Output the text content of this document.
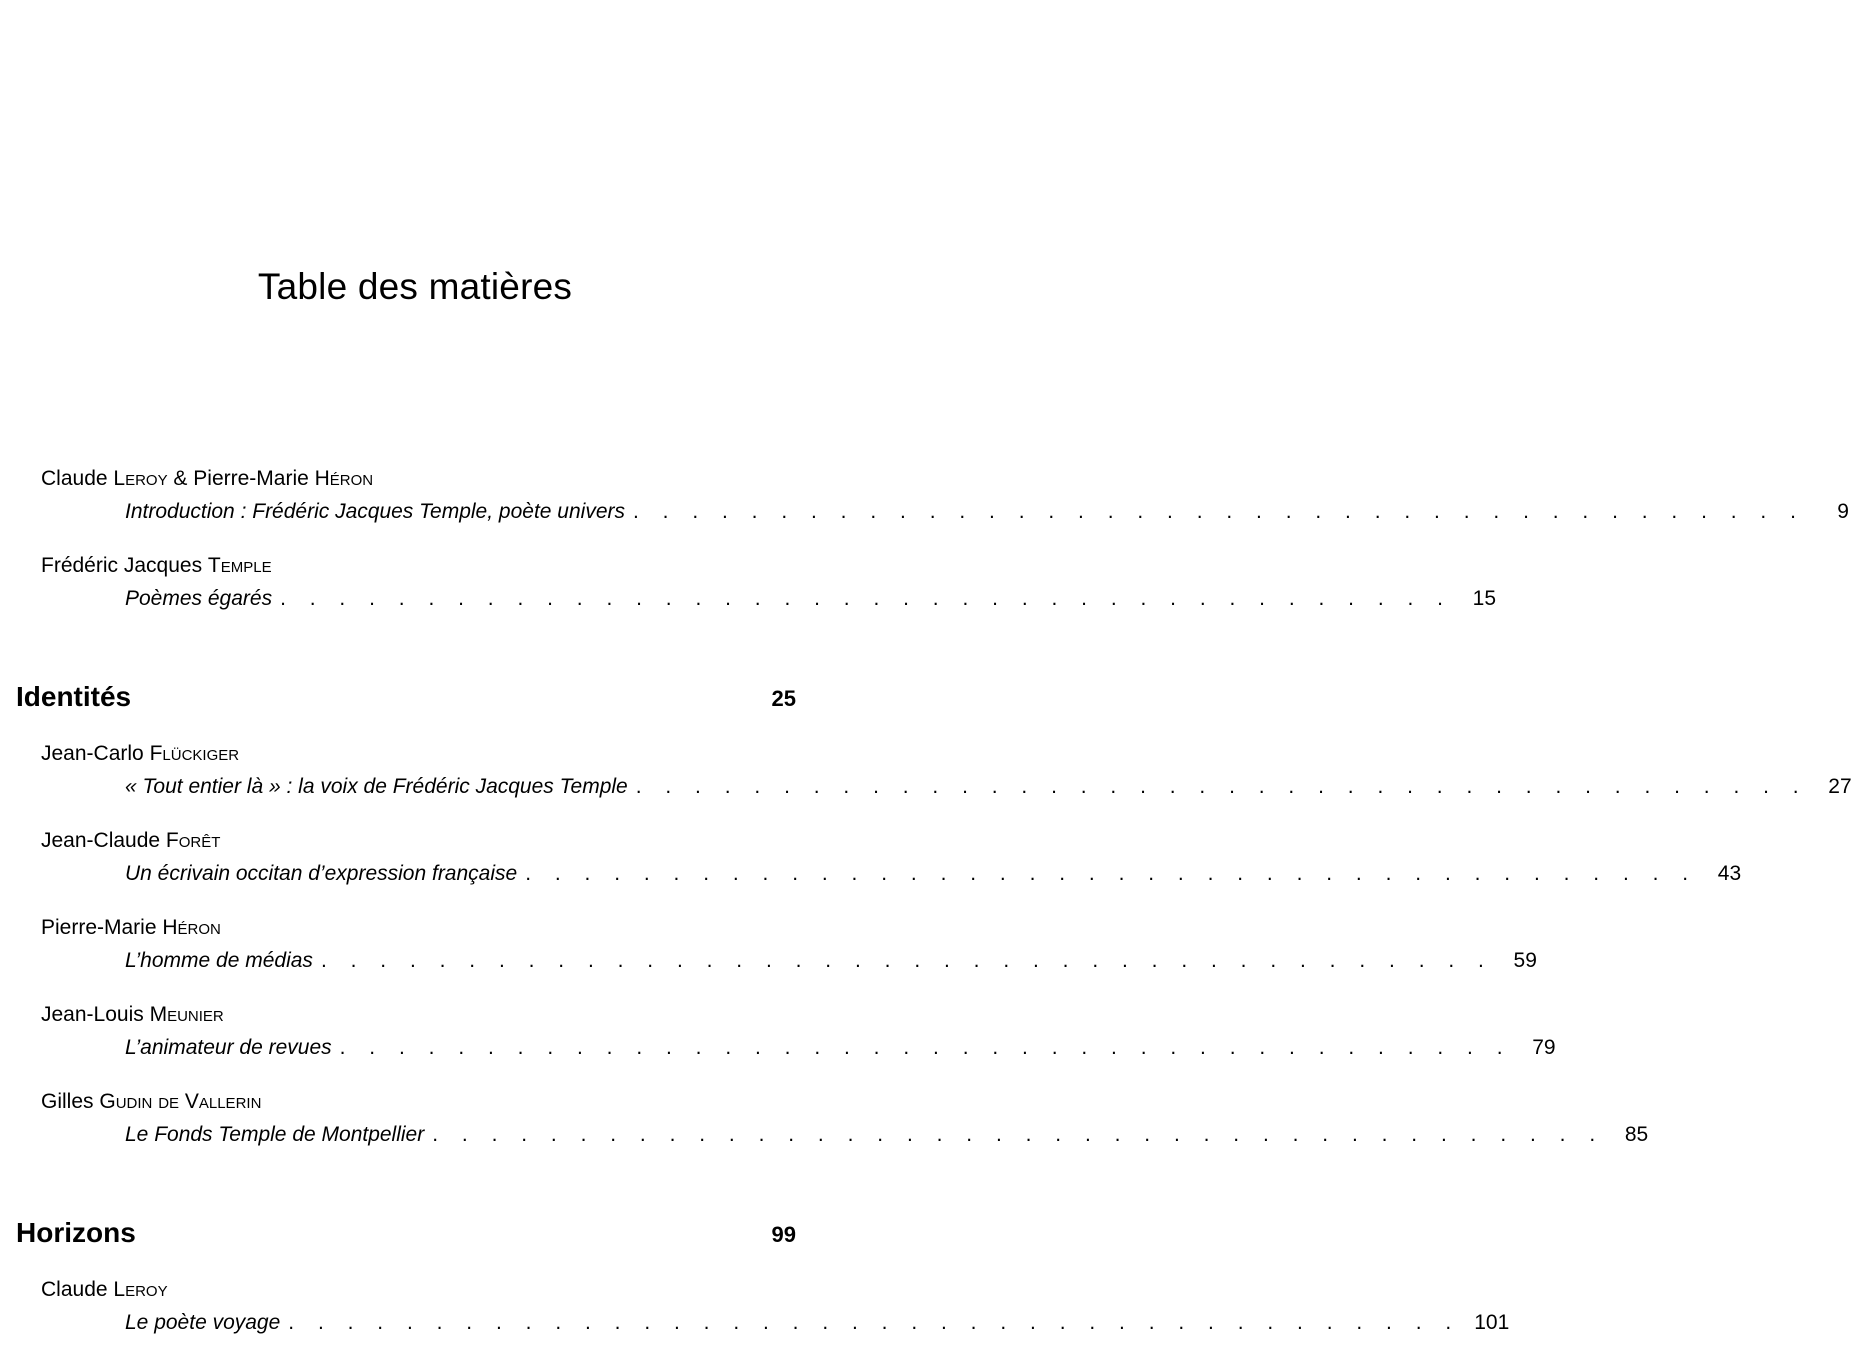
Table des matières
Claude Leroy & Pierre-Marie Héron
Introduction : Frédéric Jacques Temple, poète univers . . . . . . . . . . . . . . . . . . . . . . . . . . . . . . . . . . . . . . . .	9
Frédéric Jacques Temple
Poèmes égarés . . . . . . . . . . . . . . . . . . . . . . . . . . . . . . . . . . . . . . . . 15
Identités	25
Jean-Carlo Flückiger
« Tout entier là » : la voix de Frédéric Jacques Temple . . . . . . . . . . . . . . . . . . . . . . . . . . . . . . . . . . . . . . . . 27
Jean-Claude Forêt
Un écrivain occitan d’expression française . . . . . . . . . . . . . . . . . . . . . . . . . . . . . . . . . . . . . . . . 43
Pierre-Marie Héron
L’homme de médias . . . . . . . . . . . . . . . . . . . . . . . . . . . . . . . . . . . . . . . . 59
Jean-Louis Meunier
L’animateur de revues . . . . . . . . . . . . . . . . . . . . . . . . . . . . . . . . . . . . . . . . 79
Gilles Gudin de Vallerin
Le Fonds Temple de Montpellier . . . . . . . . . . . . . . . . . . . . . . . . . . . . . . . . . . . . . . . . 85
Horizons	99
Claude Leroy
Le poète voyage . . . . . . . . . . . . . . . . . . . . . . . . . . . . . . . . . . . . . . . . 101
